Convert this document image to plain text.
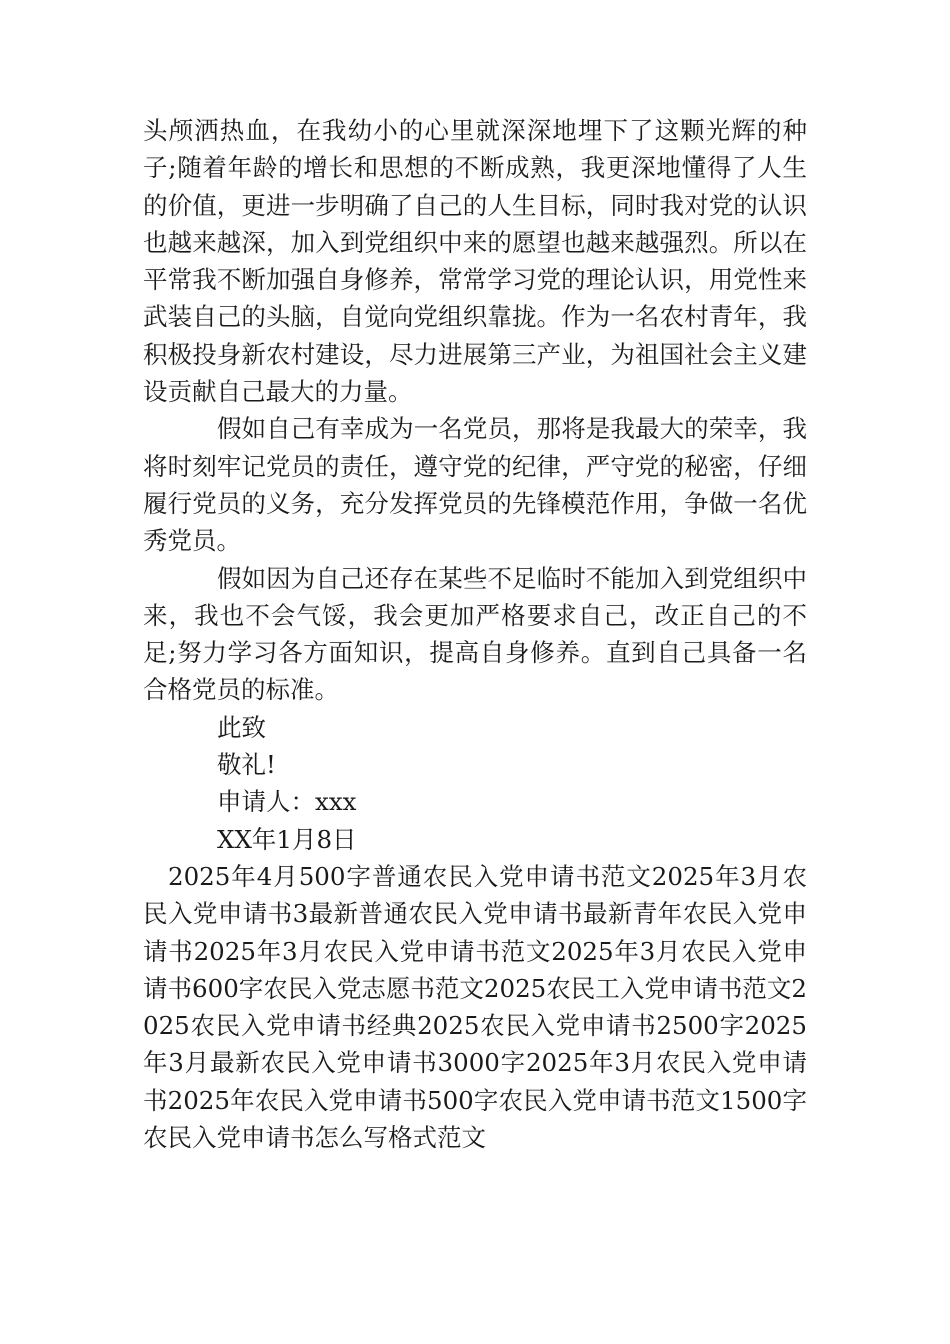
头颅洒热血，在我幼小的心里就深深地埋下了这颗光辉的种子;随着年龄的增长和思想的不断成熟，我更深地懂得了人生的价值，更进一步明确了自己的人生目标，同时我对党的认识也越来越深，加入到党组织中来的愿望也越来越强烈。所以在平常我不断加强自身修养，常常学习党的理论认识，用党性来武装自己的头脑，自觉向党组织靠拢。作为一名农村青年，我积极投身新农村建设，尽力进展第三产业，为祖国社会主义建设贡献自己最大的力量。

假如自己有幸成为一名党员，那将是我最大的荣幸，我将时刻牢记党员的责任，遵守党的纪律，严守党的秘密，仔细履行党员的义务，充分发挥党员的先锋模范作用，争做一名优秀党员。

假如因为自己还存在某些不足临时不能加入到党组织中来，我也不会气馁，我会更加严格要求自己，改正自己的不足;努力学习各方面知识，提高自身修养。直到自己具备一名合格党员的标准。

此致

敬礼!

申请人：xxx

XX年1月8日

2025年4月500字普通农民入党申请书范文2025年3月农民入党申请书3最新普通农民入党申请书最新青年农民入党申请书2025年3月农民入党申请书范文2025年3月农民入党申请书600字农民入党志愿书范文2025农民工入党申请书范文2025农民入党申请书经典2025农民入党申请书2500字2025年3月最新农民入党申请书3000字2025年3月农民入党申请书2025年农民入党申请书500字农民入党申请书范文1500字农民入党申请书怎么写格式范文
